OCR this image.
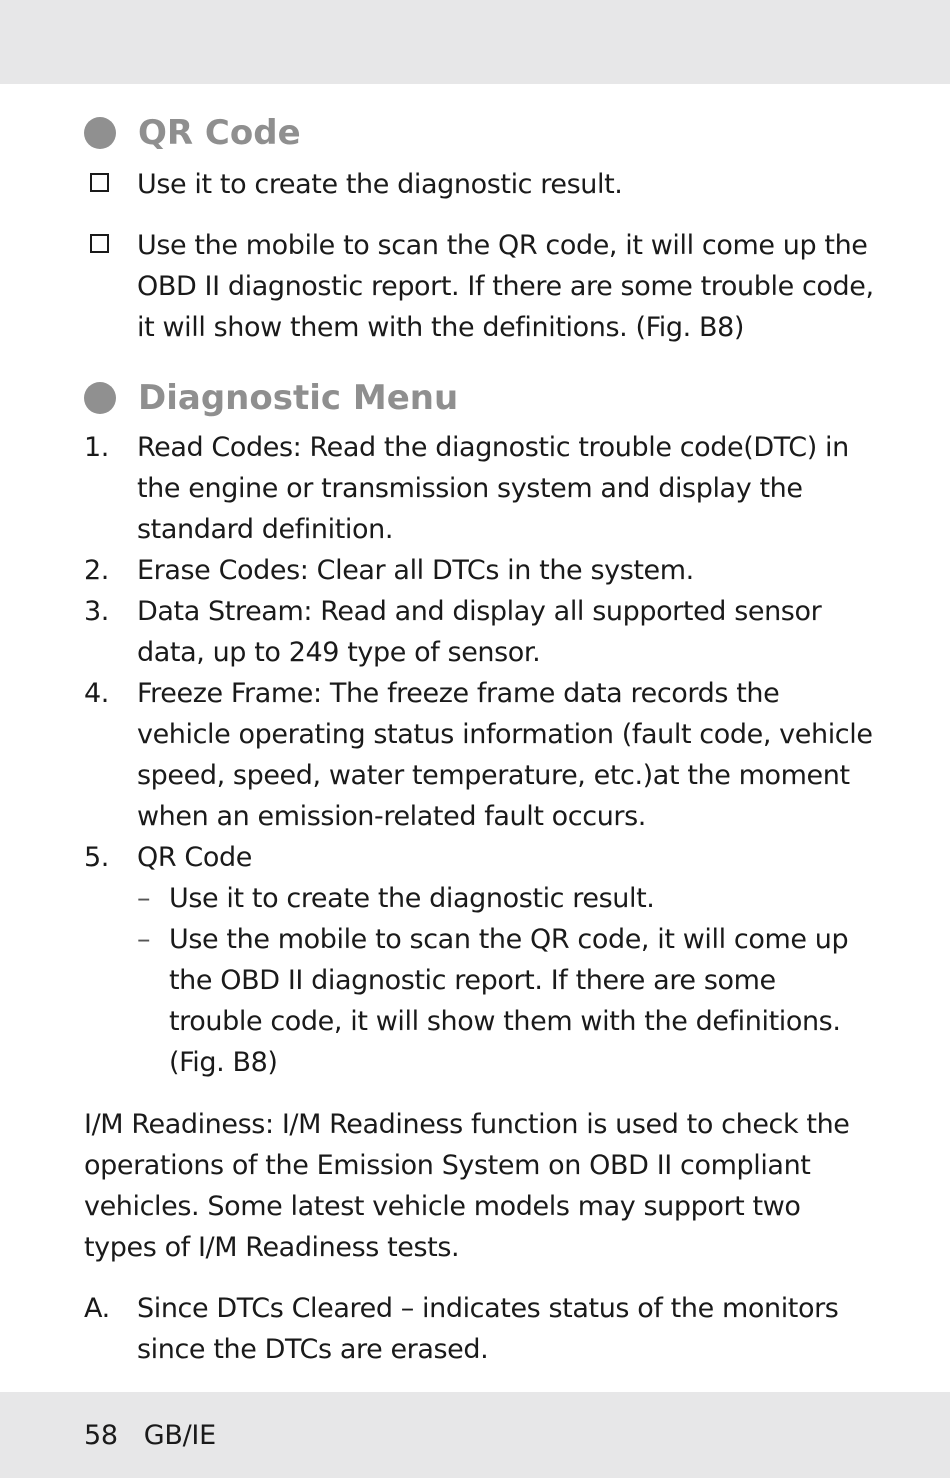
QR Code
Use it to create the diagnostic result.
Use the mobile to scan the QR code, it will come up the OBD II diagnostic report. If there are some trouble code, it will show them with the definitions. (Fig. B8)
Diagnostic Menu
1. Read Codes: Read the diagnostic trouble code(DTC) in the engine or transmission system and display the standard definition.
2. Erase Codes: Clear all DTCs in the system.
3. Data Stream: Read and display all supported sensor data, up to 249 type of sensor.
4. Freeze Frame: The freeze frame data records the vehicle operating status information (fault code, vehicle speed, speed, water temperature, etc.)at the moment when an emission-related fault occurs.
5. QR Code
– Use it to create the diagnostic result.
– Use the mobile to scan the QR code, it will come up the OBD II diagnostic report. If there are some trouble code, it will show them with the definitions. (Fig. B8)

I/M Readiness: I/M Readiness function is used to check the operations of the Emission System on OBD II compliant vehicles. Some latest vehicle models may support two types of I/M Readiness tests.

A. Since DTCs Cleared – indicates status of the monitors since the DTCs are erased.
58 GB/IE
